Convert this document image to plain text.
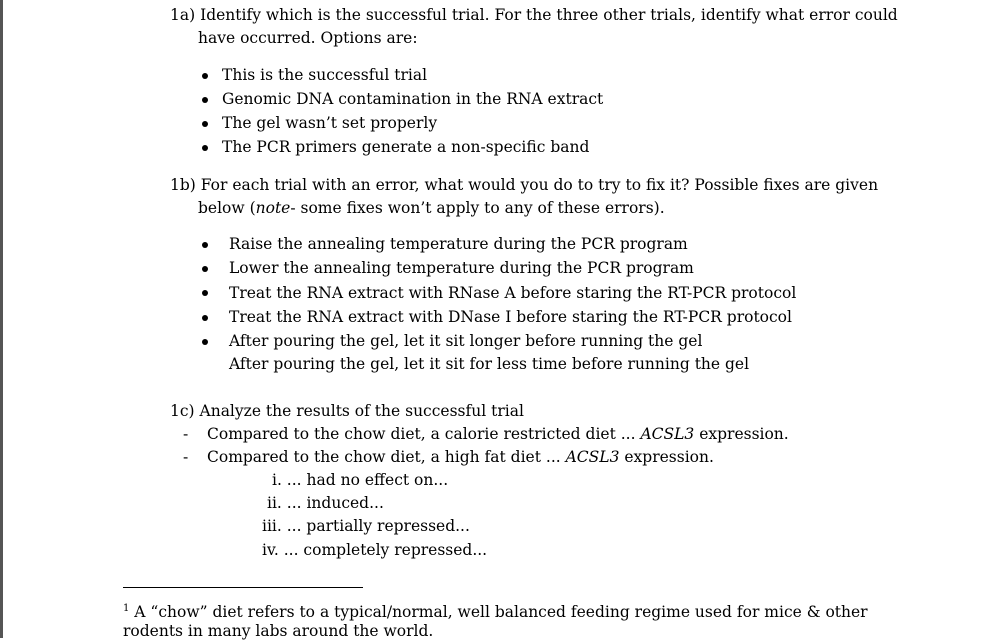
1a) Identify which is the successful trial. For the three other trials, identify what error could
have occurred. Options are:
This is the successful trial
Genomic DNA contamination in the RNA extract
The gel wasn’t set properly
The PCR primers generate a non-specific band
1b) For each trial with an error, what would you do to try to fix it? Possible fixes are given
below (note- some fixes won’t apply to any of these errors).
Raise the annealing temperature during the PCR program
Lower the annealing temperature during the PCR program
Treat the RNA extract with RNase A before staring the RT-PCR protocol
Treat the RNA extract with DNase I before staring the RT-PCR protocol
After pouring the gel, let it sit longer before running the gel
After pouring the gel, let it sit for less time before running the gel
1c) Analyze the results of the successful trial
- Compared to the chow diet, a calorie restricted diet ... ACSL3 expression.
- Compared to the chow diet, a high fat diet ... ACSL3 expression.
i. ... had no effect on...
ii. ... induced...
iii. ... partially repressed...
iv. ... completely repressed...
$^1$ A “chow” diet refers to a typical/normal, well balanced feeding regime used for mice & other
rodents in many labs around the world.
